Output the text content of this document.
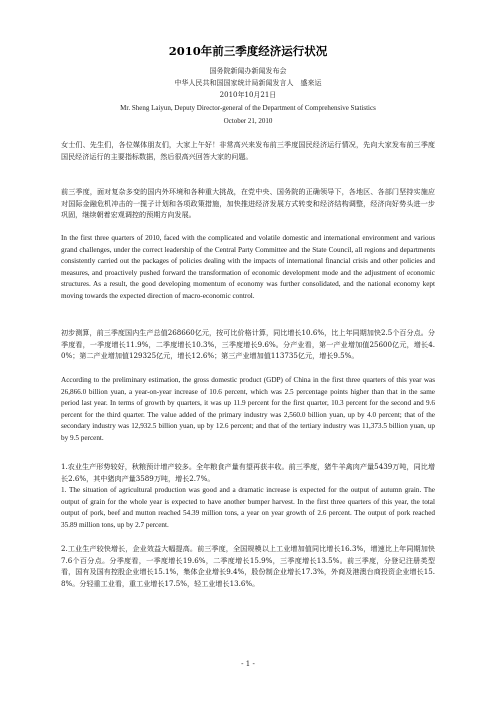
2010年前三季度经济运行状况
国务院新闻办新闻发布会
中华人民共和国国家统计局新闻发言人　盛来运
2010年10月21日
Mr. Sheng Laiyun, Deputy Director-general of the Department of Comprehensive Statistics
October 21, 2010

女士们、先生们，各位媒体朋友们，大家上午好！非常高兴来发布前三季度国民经济运行情况，先向大家发布前三季度国民经济运行的主要指标数据，然后很高兴回答大家的问题。

前三季度，面对复杂多变的国内外环境和各种重大挑战，在党中央、国务院的正确领导下，各地区、各部门坚持实施应对国际金融危机冲击的一揽子计划和各项政策措施，加快推进经济发展方式转变和经济结构调整，经济向好势头进一步巩固，继续朝着宏观调控的预期方向发展。

In the first three quarters of 2010, faced with the complicated and volatile domestic and international environment and various grand challenges, under the correct leadership of the Central Party Committee and the State Council, all regions and departments consistently carried out the packages of policies dealing with the impacts of international financial crisis and other policies and measures, and proactively pushed forward the transformation of economic development mode and the adjustment of economic structures. As a result, the good developing momentum of economy was further consolidated, and the national economy kept moving towards the expected direction of macro-economic control.

初步测算，前三季度国内生产总值268660亿元，按可比价格计算，同比增长10.6%，比上年同期加快2.5个百分点。分季度看，一季度增长11.9%，二季度增长10.3%，三季度增长9.6%。分产业看，第一产业增加值25600亿元，增长4.0%；第二产业增加值129325亿元，增长12.6%；第三产业增加值113735亿元，增长9.5%。

According to the preliminary estimation, the gross domestic product (GDP) of China in the first three quarters of this year was 26,866.0 billion yuan, a year-on-year increase of 10.6 percent, which was 2.5 percentage points higher than that in the same period last year. In terms of growth by quarters, it was up 11.9 percent for the first quarter, 10.3 percent for the second and 9.6 percent for the third quarter. The value added of the primary industry was 2,560.0 billion yuan, up by 4.0 percent; that of the secondary industry was 12,932.5 billion yuan, up by 12.6 percent; and that of the tertiary industry was 11,373.5 billion yuan, up by 9.5 percent.

1.农业生产形势较好，秋粮预计增产较多。全年粮食产量有望再获丰收。前三季度，猪牛羊禽肉产量5439万吨，同比增长2.6%，其中猪肉产量3589万吨，增长2.7%。

1. The situation of agricultural production was good and a dramatic increase is expected for the output of autumn grain. The output of grain for the whole year is expected to have another bumper harvest. In the first three quarters of this year, the total output of pork, beef and mutton reached 54.39 million tons, a year on year growth of 2.6 percent. The output of pork reached 35.89 million tons, up by 2.7 percent.

2.工业生产较快增长，企业效益大幅提高。前三季度，全国规模以上工业增加值同比增长16.3%，增速比上年同期加快7.6个百分点。分季度看，一季度增长19.6%，二季度增长15.9%，三季度增长13.5%。前三季度，分登记注册类型看，国有及国有控股企业增长15.1%，集体企业增长9.4%，股份制企业增长17.3%，外商及港澳台商投资企业增长15.8%。分轻重工业看，重工业增长17.5%，轻工业增长13.6%。

- 1 -
